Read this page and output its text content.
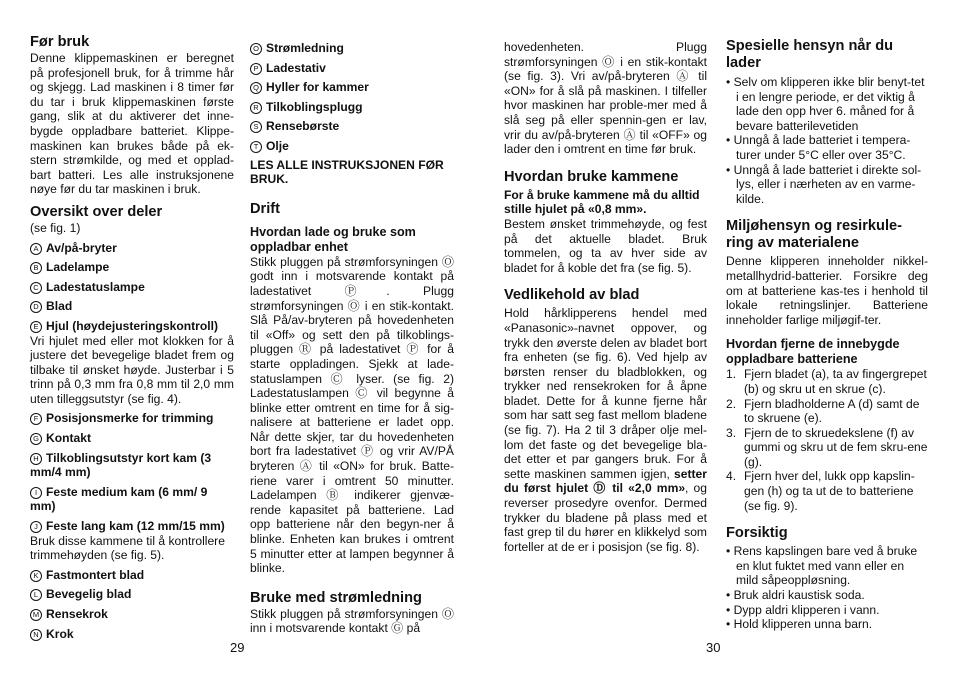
Før bruk

Denne klippemaskinen er beregnet på profesjonell bruk, for å trimme hår og skjegg. Lad maskinen i 8 timer før du tar i bruk klippemaskinen første gang, slik at du aktiverer det inne-bygde oppladbare batteriet. Klippe-maskinen kan brukes både på ek-stern strømkilde, og med et opplad-bart batteri. Les alle instruksjonene nøye før du tar maskinen i bruk.

Oversikt over deler

(se fig. 1)

A Av/på-bryter

B Ladelampe

C Ladestatuslampe

D Blad

E Hjul (høydejusteringskontroll)

Vri hjulet med eller mot klokken for å justere det bevegelige bladet frem og tilbake til ønsket høyde. Justerbar i 5 trinn på 0,3 mm fra 0,8 mm til 2,0 mm uten tilleggsutstyr (se fig. 4).

F Posisjonsmerke for trimming

G Kontakt

H Tilkoblingsutstyr kort kam (3 mm/4 mm)

I Feste medium kam (6 mm/ 9 mm)

J Feste lang kam (12 mm/15 mm)

Bruk disse kammene til å kontrollere trimmehøyden (se fig. 5).

K Fastmontert blad

L Bevegelig blad

M Rensekrok

N Krok

29

O Strømledning

P Ladestativ

Q Hyller for kammer

R Tilkoblingsplugg

S Rensebørste

T Olje

LES ALLE INSTRUKSJONEN FØR BRUK.

Drift

Hvordan lade og bruke som oppladbar enhet

Stikk pluggen på strømforsyningen Ⓞ godt inn i motsvarende kontakt på ladestativet Ⓟ. Plugg strømforsyningen Ⓞ i en stik-kontakt. Slå På/av-bryteren på hovedenheten til «Off» og sett den på tilkoblings-pluggen Ⓡ på ladestativet Ⓟ for å starte oppladingen. Sjekk at lade-statuslampen Ⓒ lyser. (se fig. 2) Ladestatuslampen Ⓒ vil begynne å blinke etter omtrent en time for å sig-nalisere at batteriene er ladet opp. Når dette skjer, tar du hovedenheten bort fra ladestativet Ⓟ og vrir AV/PÅ bryteren Ⓐ til «ON» for bruk. Batte-riene varer i omtrent 50 minutter. Ladelampen Ⓑ indikerer gjenvæ-rende kapasitet på batteriene. Lad opp batteriene når den begyn-ner å blinke. Enheten kan brukes i omtrent 5 minutter etter at lampen begynner å blinke.

Bruke med strømledning

Stikk pluggen på strømforsyningen Ⓞ inn i motsvarende kontakt Ⓖ på

hovedenheten. Plugg strømforsyningen Ⓞ i en stik-kontakt (se fig. 3). Vri av/på-bryteren Ⓐ til «ON» for å slå på maskinen. I tilfeller hvor maskinen har proble-mer med å slå seg på eller spennin-gen er lav, vrir du av/på-bryteren Ⓐ til «OFF» og lader den i omtrent en time før bruk.

Hvordan bruke kammene

For å bruke kammene må du alltid stille hjulet på «0,8 mm».

Bestem ønsket trimmehøyde, og fest på det aktuelle bladet. Bruk tommelen, og ta av hver side av bladet for å koble det fra (se fig. 5).

Vedlikehold av blad

Hold hårklipperens hendel med «Panasonic»-navnet oppover, og trykk den øverste delen av bladet bort fra enheten (se fig. 6). Ved hjelp av børsten renser du bladblokken, og trykker ned rensekroken for å åpne bladet. Dette for å kunne fjerne hår som har satt seg fast mellom bladene (se fig. 7). Ha 2 til 3 dråper olje mel-lom det faste og det bevegelige bla-det etter et par gangers bruk. For å sette maskinen sammen igjen, setter du først hjulet Ⓓ til «2,0 mm», og reverser prosedyre ovenfor. Dermed trykker du bladene på plass med et fast grep til du hører en klikkelyd som forteller at de er i posisjon (se fig. 8).

Spesielle hensyn når du lader

• Selv om klipperen ikke blir benyt-tet i en lengre periode, er det viktig å lade den opp hver 6. måned for å bevare batterilevetiden
• Unngå å lade batteriet i tempera-turer under 5°C eller over 35°C.
• Unngå å lade batteriet i direkte sol-lys, eller i nærheten av en varme-kilde.

Miljøhensyn og resirkule-ring av materialene

Denne klipperen inneholder nikkel-metallhydrid-batterier. Forsikre deg om at batteriene kas-tes i henhold til lokale retningslinjer. Batteriene inneholder farlige miljøgif-ter.

Hvordan fjerne de innebygde oppladbare batteriene

1. Fjern bladet (a), ta av fingergrepet (b) og skru ut en skrue (c).
2. Fjern bladholderne A (d) samt de to skruene (e).
3. Fjern de to skruedekslene (f) av gummi og skru ut de fem skru-ene (g).
4. Fjern hver del, lukk opp kapslin-gen (h) og ta ut de to batteriene (se fig. 9).

Forsiktig

• Rens kapslingen bare ved å bruke en klut fuktet med vann eller en mild såpeoppløsning.
• Bruk aldri kaustisk soda.
• Dypp aldri klipperen i vann.
• Hold klipperen unna barn.
30
